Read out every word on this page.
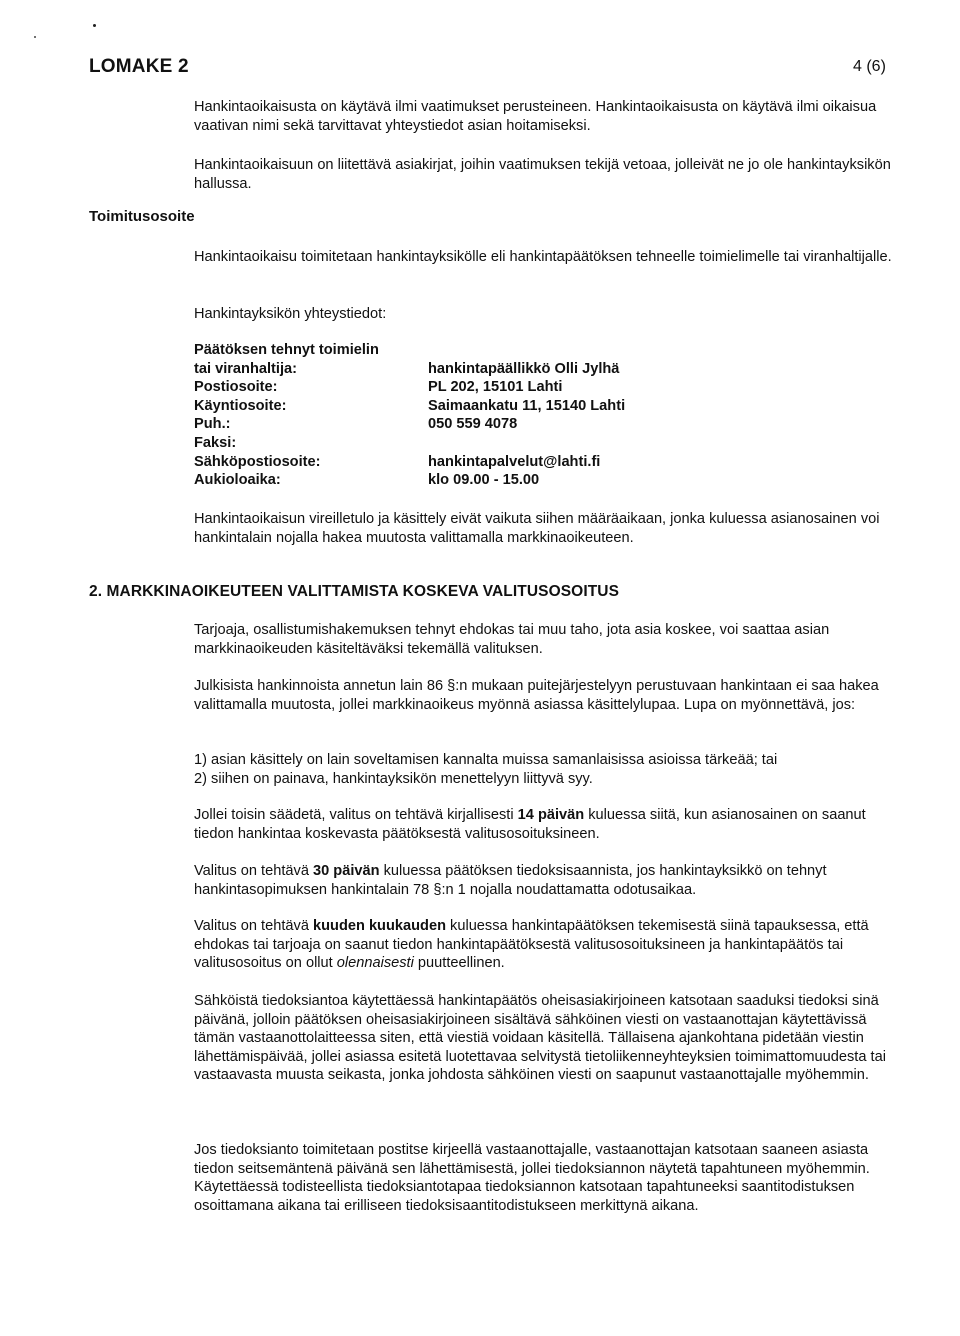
LOMAKE 2	4 (6)

Hankintaoikaisusta on käytävä ilmi vaatimukset perusteineen. Hankintaoikaisusta on käytävä ilmi oikaisua vaativan nimi sekä tarvittavat yhteystiedot asian hoitamiseksi.

Hankintaoikaisuun on liitettävä asiakirjat, joihin vaatimuksen tekijä vetoaa, jolleivät ne jo ole hankintayksikön hallussa.

Toimitusosoite

Hankintaoikaisu toimitetaan hankintayksikölle eli hankintapäätöksen tehneelle toimielimelle tai viranhaltijalle.

Hankintayksikön yhteystiedot:

Päätöksen tehnyt toimielin
tai viranhaltija:	hankintapäällikkö Olli Jylhä
Postiosoite:	PL 202, 15101 Lahti
Käyntiosoite:	Saimaankatu 11, 15140 Lahti
Puh.:	050 559 4078
Faksi:
Sähköpostiosoite:	hankintapalvelut@lahti.fi
Aukioloaika:	klo 09.00 - 15.00

Hankintaoikaisun vireilletulo ja käsittely eivät vaikuta siihen määräaikaan, jonka kuluessa asianosainen voi hankintalain nojalla hakea muutosta valittamalla markkinaoikeuteen.

2. MARKKINAOIKEUTEEN VALITTAMISTA KOSKEVA VALITUSOSOITUS

Tarjoaja, osallistumishakemuksen tehnyt ehdokas tai muu taho, jota asia koskee, voi saattaa asian markkinaoikeuden käsiteltäväksi tekemällä valituksen.

Julkisista hankinnoista annetun lain 86 §:n mukaan puitejärjestelyyn perustuvaan hankintaan ei saa hakea valittamalla muutosta, jollei markkinaoikeus myönnä asiassa käsittelylupaa. Lupa on myönnettävä, jos:

1) asian käsittely on lain soveltamisen kannalta muissa samanlaisissa asioissa tärkeää; tai

2) siihen on painava, hankintayksikön menettelyyn liittyvä syy.

Jollei toisin säädetä, valitus on tehtävä kirjallisesti 14 päivän kuluessa siitä, kun asianosainen on saanut tiedon hankintaa koskevasta päätöksestä valitusosoituksineen.

Valitus on tehtävä 30 päivän kuluessa päätöksen tiedoksisaannista, jos hankintayksikkö on tehnyt hankintasopimuksen hankintalain 78 §:n 1 nojalla noudattamatta odotusaikaa.

Valitus on tehtävä kuuden kuukauden kuluessa hankintapäätöksen tekemisestä siinä tapauksessa, että ehdokas tai tarjoaja on saanut tiedon hankintapäätöksestä valitusosoituksineen ja hankintapäätös tai valitusosoitus on ollut olennaisesti puutteellinen.

Sähköistä tiedoksiantoa käytettäessä hankintapäätös oheisasiakirjoineen katsotaan saaduksi tiedoksi sinä päivänä, jolloin päätöksen oheisasiakirjoineen sisältävä sähköinen viesti on vastaanottajan käytettävissä tämän vastaanottolaitteessa siten, että viestiä voidaan käsitellä. Tällaisena ajankohtana pidetään viestin lähettämispäivää, jollei asiassa esitetä luotettavaa selvitystä tietoliikenneyhteyksien toimimattomuudesta tai vastaavasta muusta seikasta, jonka johdosta sähköinen viesti on saapunut vastaanottajalle myöhemmin.

Jos tiedoksianto toimitetaan postitse kirjeellä vastaanottajalle, vastaanottajan katsotaan saaneen asiasta tiedon seitsemäntenä päivänä sen lähettämisestä, jollei tiedoksiannon näytetä tapahtuneen myöhemmin. Käytettäessä todisteellista tiedoksiantotapaa tiedoksiannon katsotaan tapahtuneeksi saantitodistuksen osoittamana aikana tai erilliseen tiedoksisaantitodistukseen merkittynä aikana.
